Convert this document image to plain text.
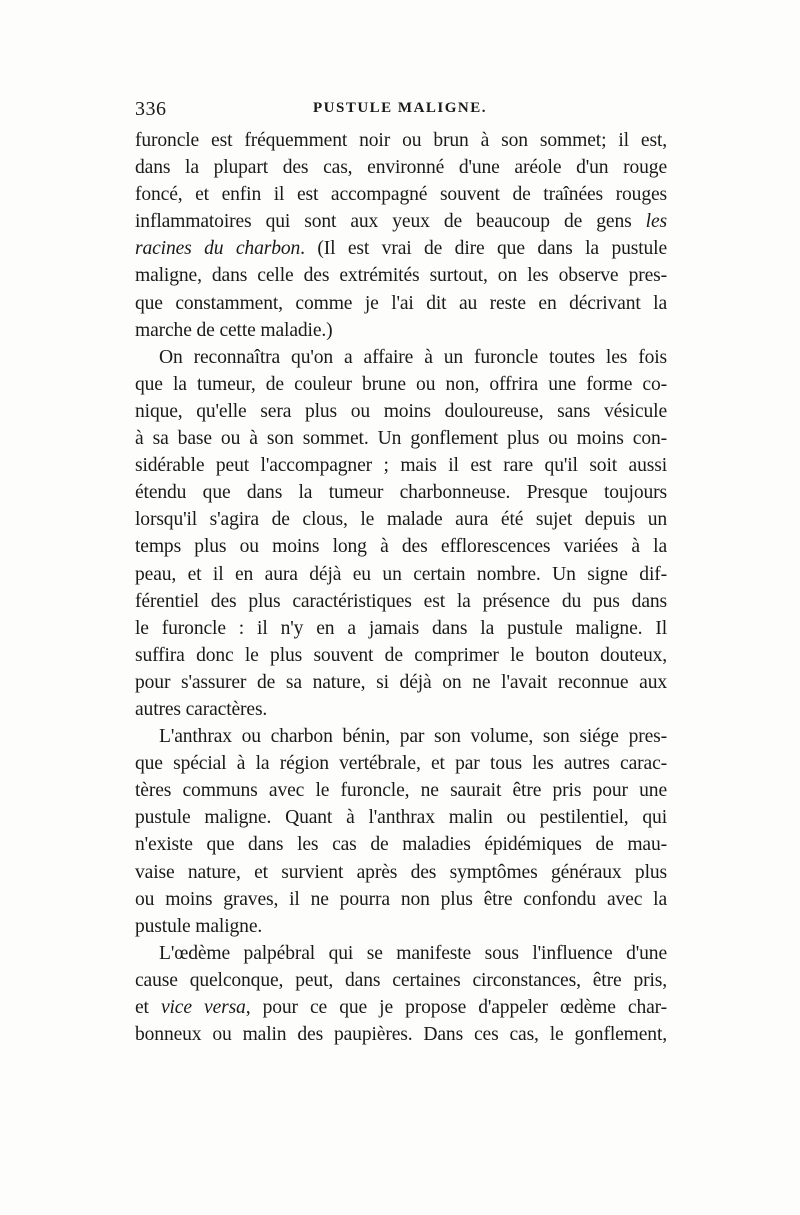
336	PUSTULE MALIGNE.
furoncle est fréquemment noir ou brun à son sommet; il est,
dans la plupart des cas, environné d'une aréole d'un rouge
foncé, et enfin il est accompagné souvent de traînées rouges
inflammatoires qui sont aux yeux de beaucoup de gens les
racines du charbon. (Il est vrai de dire que dans la pustule
maligne, dans celle des extrémités surtout, on les observe pres-
que constamment, comme je l'ai dit au reste en décrivant la
marche de cette maladie.)
On reconnaîtra qu'on a affaire à un furoncle toutes les fois
que la tumeur, de couleur brune ou non, offrira une forme co-
nique, qu'elle sera plus ou moins douloureuse, sans vésicule
à sa base ou à son sommet. Un gonflement plus ou moins con-
sidérable peut l'accompagner ; mais il est rare qu'il soit aussi
étendu que dans la tumeur charbonneuse. Presque toujours
lorsqu'il s'agira de clous, le malade aura été sujet depuis un
temps plus ou moins long à des efflorescences variées à la
peau, et il en aura déjà eu un certain nombre. Un signe dif-
férentiel des plus caractéristiques est la présence du pus dans
le furoncle : il n'y en a jamais dans la pustule maligne. Il
suffira donc le plus souvent de comprimer le bouton douteux,
pour s'assurer de sa nature, si déjà on ne l'avait reconnue aux
autres caractères.
L'anthrax ou charbon bénin, par son volume, son siége pres-
que spécial à la région vertébrale, et par tous les autres carac-
tères communs avec le furoncle, ne saurait être pris pour une
pustule maligne. Quant à l'anthrax malin ou pestilentiel, qui
n'existe que dans les cas de maladies épidémiques de mau-
vaise nature, et survient après des symptômes généraux plus
ou moins graves, il ne pourra non plus être confondu avec la
pustule maligne.
L'œdème palpébral qui se manifeste sous l'influence d'une
cause quelconque, peut, dans certaines circonstances, être pris,
et vice versa, pour ce que je propose d'appeler œdème char-
bonneux ou malin des paupières. Dans ces cas, le gonflement,
